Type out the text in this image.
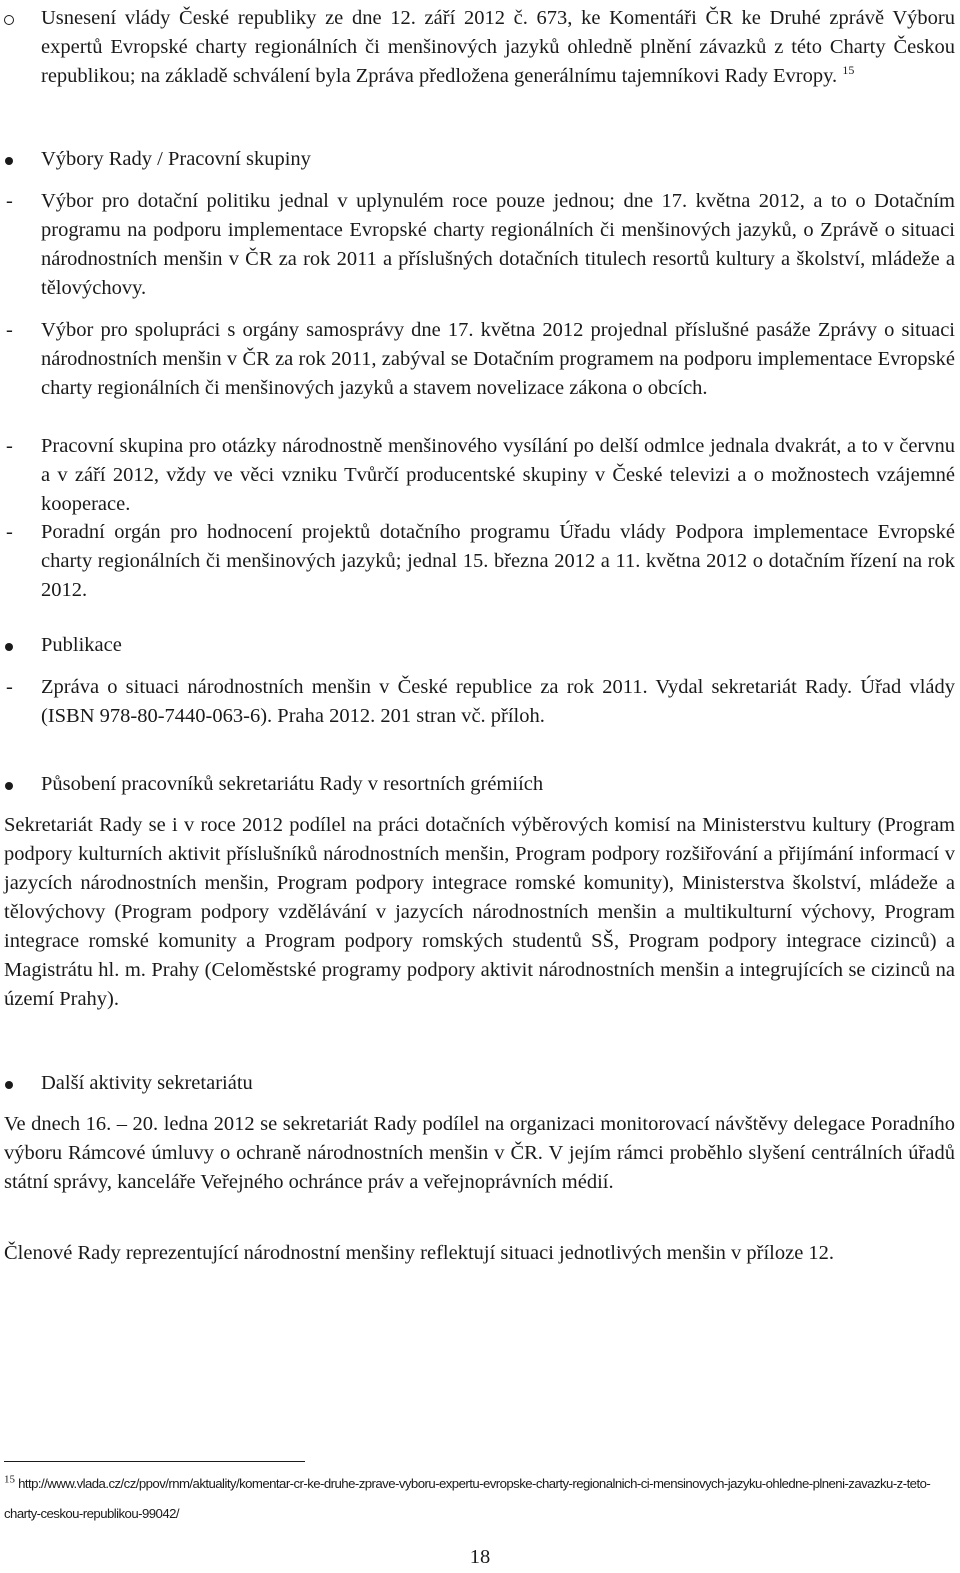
Usnesení vlády České republiky ze dne 12. září 2012 č. 673, ke Komentáři ČR ke Druhé zprávě Výboru expertů Evropské charty regionálních či menšinových jazyků ohledně plnění závazků z této Charty Českou republikou; na základě schválení byla Zpráva předložena generálnímu tajemníkovi Rady Evropy. $^{15}$
Výbory Rady / Pracovní skupiny
-	Výbor pro dotační politiku jednal v uplynulém roce pouze jednou; dne 17. května 2012, a to o Dotačním programu na podporu implementace Evropské charty regionálních či menšinových jazyků, o Zprávě o situaci národnostních menšin v ČR za rok 2011 a příslušných dotačních titulech resortů kultury a školství, mládeže a tělovýchovy.
-	Výbor pro spolupráci s orgány samosprávy dne 17. května 2012 projednal příslušné pasáže Zprávy o situaci národnostních menšin v ČR za rok 2011, zabýval se Dotačním programem na podporu implementace Evropské charty regionálních či menšinových jazyků a stavem novelizace zákona o obcích.
-	Pracovní skupina pro otázky národnostně menšinového vysílání po delší odmlce jednala dvakrát, a to v červnu a v září 2012, vždy ve věci vzniku Tvůrčí producentské skupiny v České televizi a o možnostech vzájemné kooperace.
-	Poradní orgán pro hodnocení projektů dotačního programu Úřadu vlády Podpora implementace Evropské charty regionálních či menšinových jazyků; jednal 15. března 2012 a 11. května 2012 o dotačním řízení na rok 2012.
Publikace
-	Zpráva o situaci národnostních menšin v České republice za rok 2011. Vydal sekretariát Rady. Úřad vlády (ISBN 978-80-7440-063-6). Praha 2012. 201 stran vč. příloh.
Působení pracovníků sekretariátu Rady v resortních grémiích
Sekretariát Rady se i v roce 2012 podílel na práci dotačních výběrových komisí na Ministerstvu kultury (Program podpory kulturních aktivit příslušníků národnostních menšin, Program podpory rozšiřování a přijímání informací v jazycích národnostních menšin, Program podpory integrace romské komunity), Ministerstva školství, mládeže a tělovýchovy (Program podpory vzdělávání v jazycích národnostních menšin a multikulturní výchovy, Program integrace romské komunity a Program podpory romských studentů SŠ, Program podpory integrace cizinců) a Magistrátu hl. m. Prahy (Celoměstské programy podpory aktivit národnostních menšin a integrujících se cizinců na území Prahy).
Další aktivity sekretariátu
Ve dnech 16. – 20. ledna 2012 se sekretariát Rady podílel na organizaci monitorovací návštěvy delegace Poradního výboru Rámcové úmluvy o ochraně národnostních menšin v ČR. V jejím rámci proběhlo slyšení centrálních úřadů státní správy, kanceláře Veřejného ochránce práv a veřejnoprávních médií.
Členové Rady reprezentující národnostní menšiny reflektují situaci jednotlivých menšin v příloze 12.
$^{15}$ http://www.vlada.cz/cz/ppov/rnm/aktuality/komentar-cr-ke-druhe-zprave-vyboru-expertu-evropske-charty-regionalnich-ci-mensinovych-jazyku-ohledne-plneni-zavazku-z-teto-charty-ceskou-republikou-99042/
18
